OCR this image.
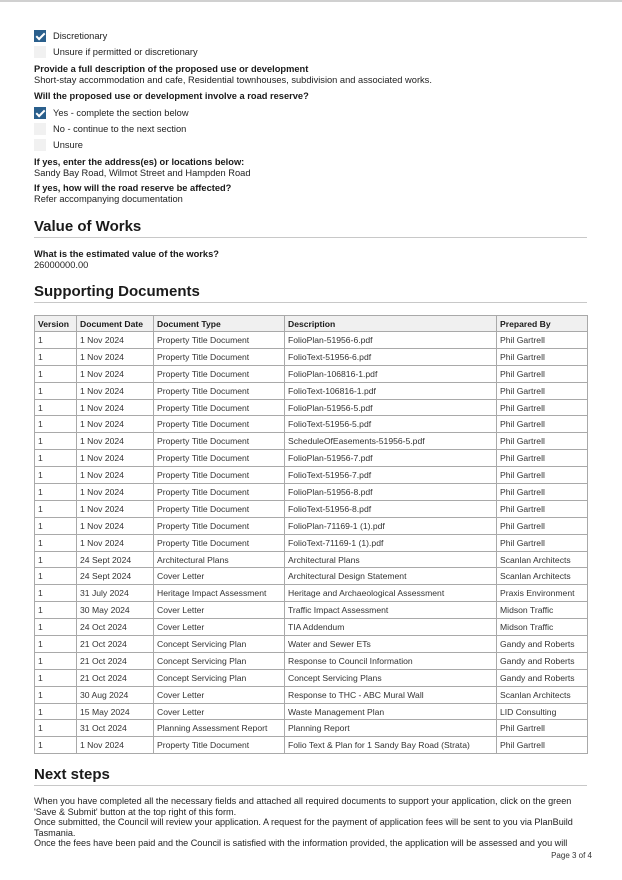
Discretionary
Unsure if permitted or discretionary
Provide a full description of the proposed use or development
Short-stay accommodation and cafe, Residential townhouses, subdivision and associated works.
Will the proposed use or development involve a road reserve?
Yes - complete the section below
No - continue to the next section
Unsure
If yes, enter the address(es) or locations below:
Sandy Bay Road, Wilmot Street and Hampden Road
If yes, how will the road reserve be affected?
Refer accompanying documentation
Value of Works
What is the estimated value of the works?
26000000.00
Supporting Documents
Version	Document Date	Document Type	Description	Prepared By
1	1 Nov 2024	Property Title Document	FolioPlan-51956-6.pdf	Phil Gartrell
1	1 Nov 2024	Property Title Document	FolioText-51956-6.pdf	Phil Gartrell
1	1 Nov 2024	Property Title Document	FolioPlan-106816-1.pdf	Phil Gartrell
1	1 Nov 2024	Property Title Document	FolioText-106816-1.pdf	Phil Gartrell
1	1 Nov 2024	Property Title Document	FolioPlan-51956-5.pdf	Phil Gartrell
1	1 Nov 2024	Property Title Document	FolioText-51956-5.pdf	Phil Gartrell
1	1 Nov 2024	Property Title Document	ScheduleOfEasements-51956-5.pdf	Phil Gartrell
1	1 Nov 2024	Property Title Document	FolioPlan-51956-7.pdf	Phil Gartrell
1	1 Nov 2024	Property Title Document	FolioText-51956-7.pdf	Phil Gartrell
1	1 Nov 2024	Property Title Document	FolioPlan-51956-8.pdf	Phil Gartrell
1	1 Nov 2024	Property Title Document	FolioText-51956-8.pdf	Phil Gartrell
1	1 Nov 2024	Property Title Document	FolioPlan-71169-1 (1).pdf	Phil Gartrell
1	1 Nov 2024	Property Title Document	FolioText-71169-1 (1).pdf	Phil Gartrell
1	24 Sept 2024	Architectural Plans	Architectural Plans	Scanlan Architects
1	24 Sept 2024	Cover Letter	Architectural Design Statement	Scanlan Architects
1	31 July 2024	Heritage Impact Assessment	Heritage and Archaeological Assessment	Praxis Environment
1	30 May 2024	Cover Letter	Traffic Impact Assessment	Midson Traffic
1	24 Oct 2024	Cover Letter	TIA Addendum	Midson Traffic
1	21 Oct 2024	Concept Servicing Plan	Water and Sewer ETs	Gandy and Roberts
1	21 Oct 2024	Concept Servicing Plan	Response to Council Information	Gandy and Roberts
1	21 Oct 2024	Concept Servicing Plan	Concept Servicing Plans	Gandy and Roberts
1	30 Aug 2024	Cover Letter	Response to THC - ABC Mural Wall	Scanlan Architects
1	15 May 2024	Cover Letter	Waste Management Plan	LID Consulting
1	31 Oct 2024	Planning Assessment Report	Planning Report	Phil Gartrell
1	1 Nov 2024	Property Title Document	Folio Text & Plan for 1 Sandy Bay Road (Strata)	Phil Gartrell
Next steps

When you have completed all the necessary fields and attached all required documents to support your application, click on the green 'Save & Submit' button at the top right of this form.

Once submitted, the Council will review your application. A request for the payment of application fees will be sent to you via PlanBuild Tasmania.

Once the fees have been paid and the Council is satisfied with the information provided, the application will be assessed and you will

Page 3 of 4
